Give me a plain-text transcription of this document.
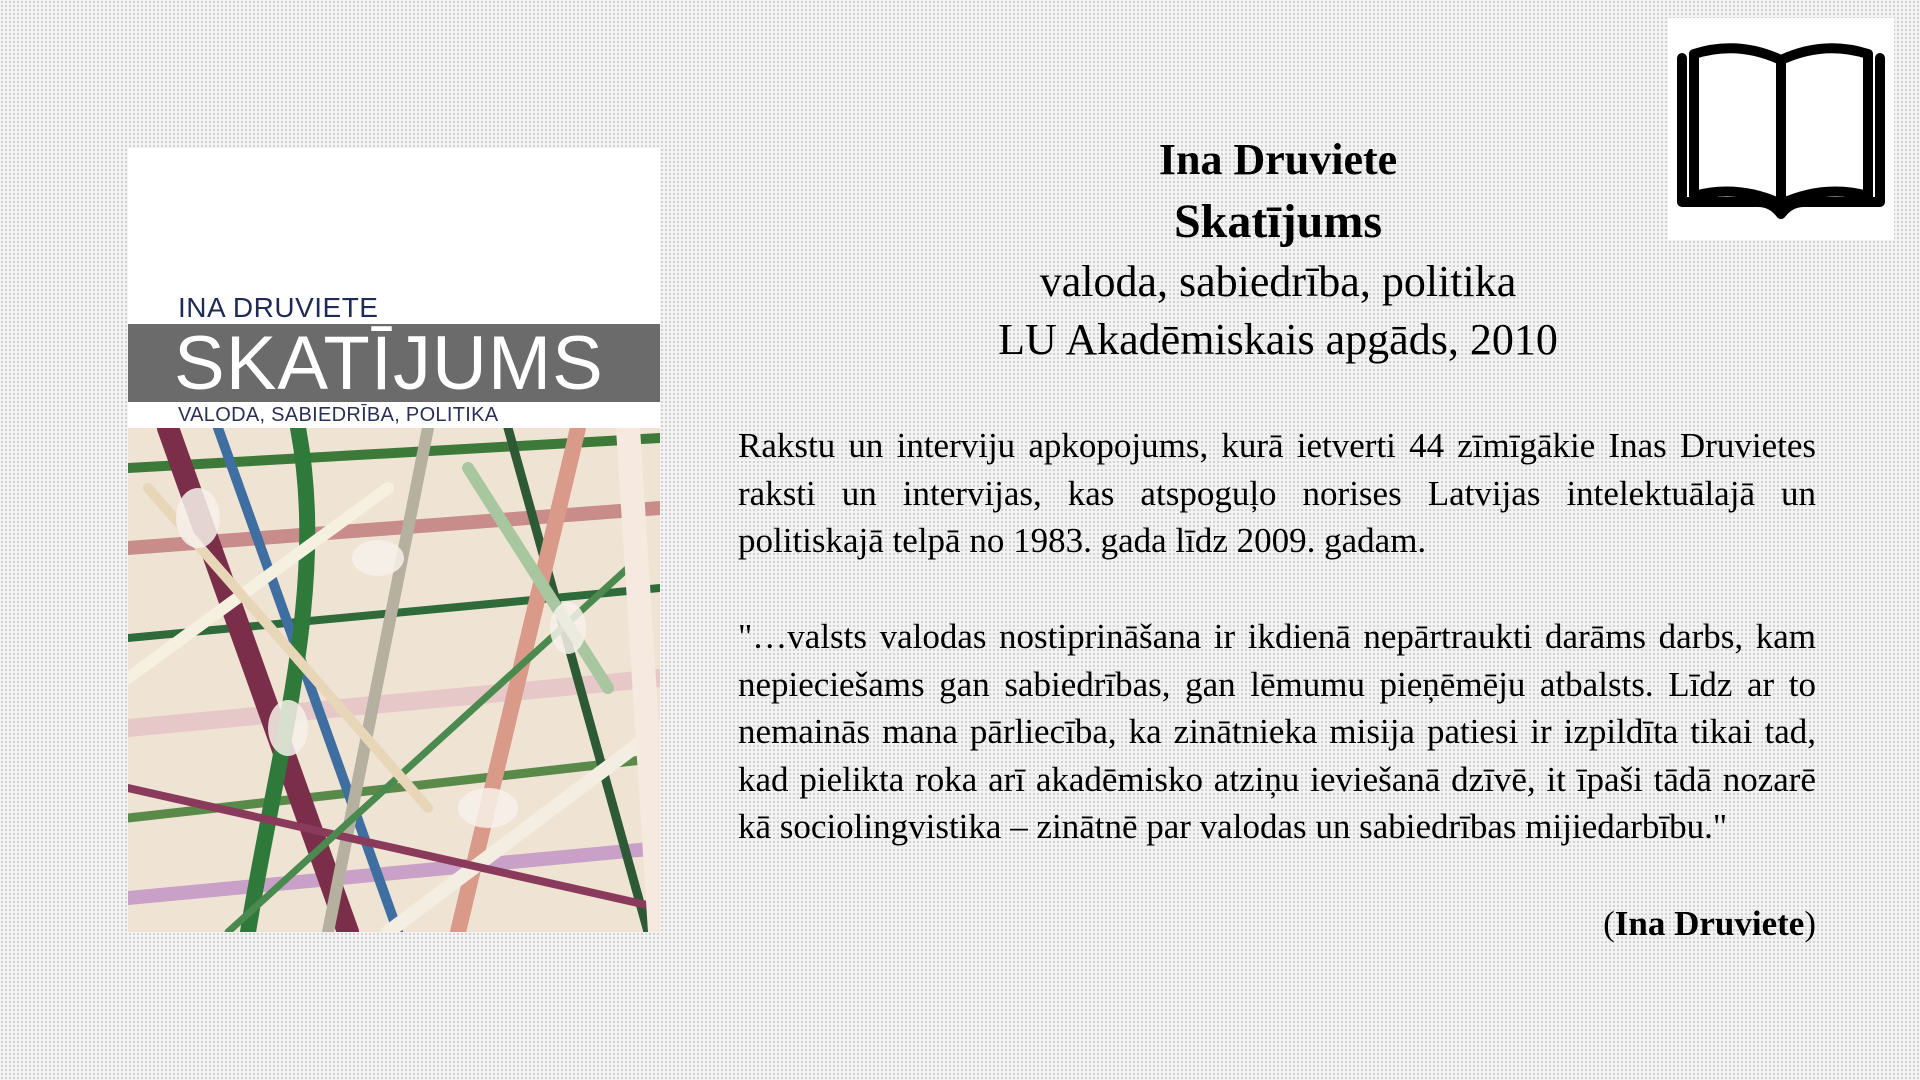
INA DRUVIETE
SKATĪJUMS
VALODA, SABIEDRĪBA, POLITIKA
Ina Druviete
Skatījums
valoda, sabiedrība, politika
LU Akadēmiskais apgāds, 2010
Rakstu un interviju apkopojums, kurā ietverti 44 zīmīgākie Inas Druvietes raksti un intervijas, kas atspoguļo norises Latvijas intelektuālajā un politiskajā telpā no 1983. gada līdz 2009. gadam.
"…valsts valodas nostiprināšana ir ikdienā nepārtraukti darāms darbs, kam nepieciešams gan sabiedrības, gan lēmumu pieņēmēju atbalsts. Līdz ar to nemainās mana pārliecība, ka zinātnieka misija patiesi ir izpildīta tikai tad, kad pielikta roka arī akadēmisko atziņu ieviešanā dzīvē, it īpaši tādā nozarē kā sociolingvistika – zinātnē par valodas un sabiedrības mijiedarbību."
(Ina Druviete)
